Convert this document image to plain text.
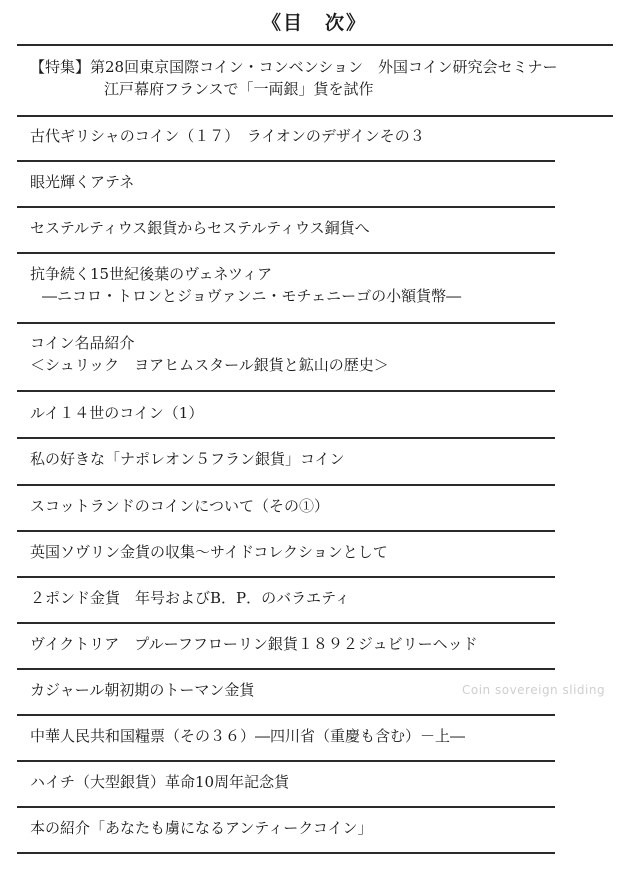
《目　次》
【特集】第28回東京国際コイン・コンベンション　外国コイン研究会セミナー
江戸幕府フランスで「一両銀」貨を試作
古代ギリシャのコイン（１７）　ライオンのデザインその３
眼光輝くアテネ
セステルティウス銀貨からセステルティウス銅貨へ
抗争続く15世紀後葉のヴェネツィア
―ニコロ・トロンとジョヴァンニ・モチェニーゴの小額貨幣―
コイン名品紹介
＜シュリック　ヨアヒムスタール銀貨と鉱山の歴史＞
ルイ１４世のコイン（1）
私の好きな「ナポレオン５フラン銀貨」コイン
スコットランドのコインについて（その①）
英国ソヴリン金貨の収集～サイドコレクションとして
２ポンド金貨　年号およびB．P．のバラエティ
ヴイクトリア　プルーフフローリン銀貨１８９２ジュビリーヘッド
カジャール朝初期のトーマン金貨
中華人民共和国糧票（その３６）―四川省（重慶も含む）－上―
ハイチ（大型銀貨）革命10周年記念貨
本の紹介「あなたも虜になるアンティークコイン」
Coin sovereign sliding
